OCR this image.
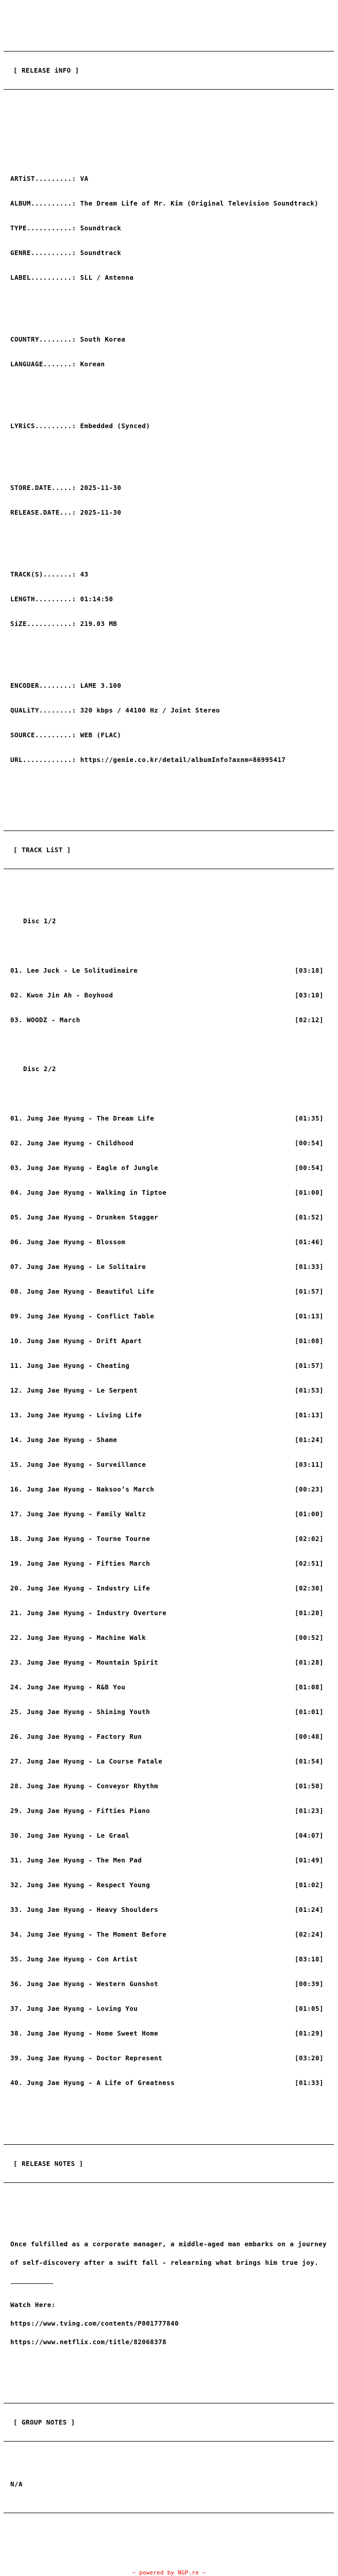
[ RELEASE iNFO ]

ARTiST.........: VA

ALBUM..........: The Dream Life of Mr. Kim (Original Television Soundtrack)

TYPE...........: Soundtrack

GENRE..........: Soundtrack

LABEL..........: SLL / Antenna

COUNTRY........: South Korea

LANGUAGE.......: Korean

LYRiCS.........: Embedded (Synced)

STORE.DATE.....: 2025-11-30

RELEASE.DATE...: 2025-11-30

TRACK(S).......: 43

LENGTH.........: 01:14:50

SiZE...........: 219.03 MB

ENCODER........: LAME 3.100

QUALiTY........: 320 kbps / 44100 Hz / Joint Stereo

SOURCE.........: WEB (FLAC)

URL............: https://genie.co.kr/detail/albumInfo?axnm=86995417

[ TRACK LiST ]

Disc 1/2

01. Lee Juck - Le Solitudinaire	[03:18]

02. Kwon Jin Ah - Boyhood	[03:10]

03. WOODZ - March	[02:12]

Disc 2/2

01. Jung Jae Hyung - The Dream Life	[01:35]

02. Jung Jae Hyung - Childhood	[00:54]

03. Jung Jae Hyung - Eagle of Jungle	[00:54]

04. Jung Jae Hyung - Walking in Tiptoe	[01:00]

05. Jung Jae Hyung - Drunken Stagger	[01:52]

06. Jung Jae Hyung - Blossom	[01:46]

07. Jung Jae Hyung - Le Solitaire	[01:33]

08. Jung Jae Hyung - Beautiful Life	[01:57]

09. Jung Jae Hyung - Conflict Table	[01:13]

10. Jung Jae Hyung - Drift Apart	[01:08]

11. Jung Jae Hyung - Cheating	[01:57]

12. Jung Jae Hyung - Le Serpent	[01:53]

13. Jung Jae Hyung - Living Life	[01:13]

14. Jung Jae Hyung - Shame	[01:24]

15. Jung Jae Hyung - Surveillance	[03:11]

16. Jung Jae Hyung - Naksoo’s March	[00:23]

17. Jung Jae Hyung - Family Waltz	[01:00]

18. Jung Jae Hyung - Tourne Tourne	[02:02]

19. Jung Jae Hyung - Fifties March	[02:51]

20. Jung Jae Hyung - Industry Life	[02:30]

21. Jung Jae Hyung - Industry Overture	[01:20]

22. Jung Jae Hyung - Machine Walk	[00:52]

23. Jung Jae Hyung - Mountain Spirit	[01:28]

24. Jung Jae Hyung - R&B You	[01:08]

25. Jung Jae Hyung - Shining Youth	[01:01]

26. Jung Jae Hyung - Factory Run	[00:48]

27. Jung Jae Hyung - La Course Fatale	[01:54]

28. Jung Jae Hyung - Conveyor Rhythm	[01:50]

29. Jung Jae Hyung - Fifties Piano	[01:23]

30. Jung Jae Hyung - Le Graal	[04:07]

31. Jung Jae Hyung - The Men Pad	[01:49]

32. Jung Jae Hyung - Respect Young	[01:02]

33. Jung Jae Hyung - Heavy Shoulders	[01:24]

34. Jung Jae Hyung - The Moment Before	[02:24]

35. Jung Jae Hyung - Con Artist	[03:18]

36. Jung Jae Hyung - Western Gunshot	[00:39]

37. Jung Jae Hyung - Loving You	[01:05]

38. Jung Jae Hyung - Home Sweet Home	[01:29]

39. Jung Jae Hyung - Doctor Represent	[03:20]

40. Jung Jae Hyung - A Life of Greatness	[01:33]

[ RELEASE NOTES ]

Once fulfilled as a corporate manager, a middle-aged man embarks on a journey

of self-discovery after a swift fall - relearning what brings him true joy.

Watch Here:

https://www.tving.com/contents/P001777840

https://www.netflix.com/title/82068378

[ GROUP NOTES ]

N/A

~ powered by NGP.re ~
